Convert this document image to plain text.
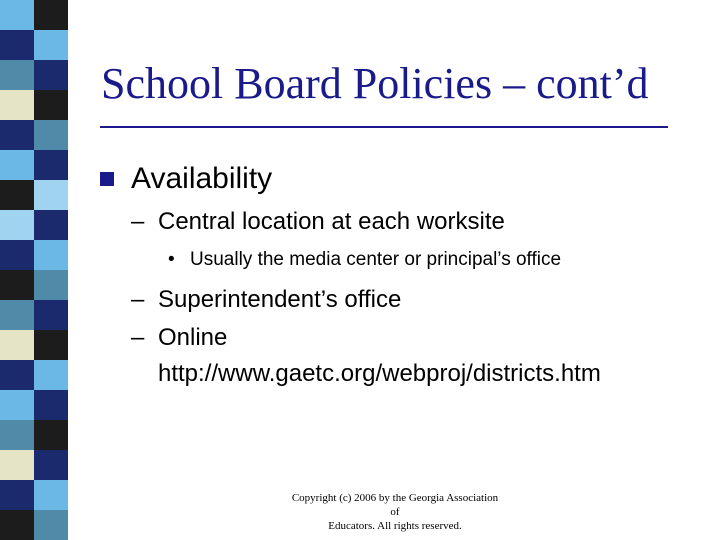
School Board Policies – cont’d
Availability
– Central location at each worksite
• Usually the media center or principal’s office
– Superintendent’s office
– Online
http://www.gaetc.org/webproj/districts.htm
Copyright (c) 2006 by the Georgia Association of
Educators. All rights reserved.
